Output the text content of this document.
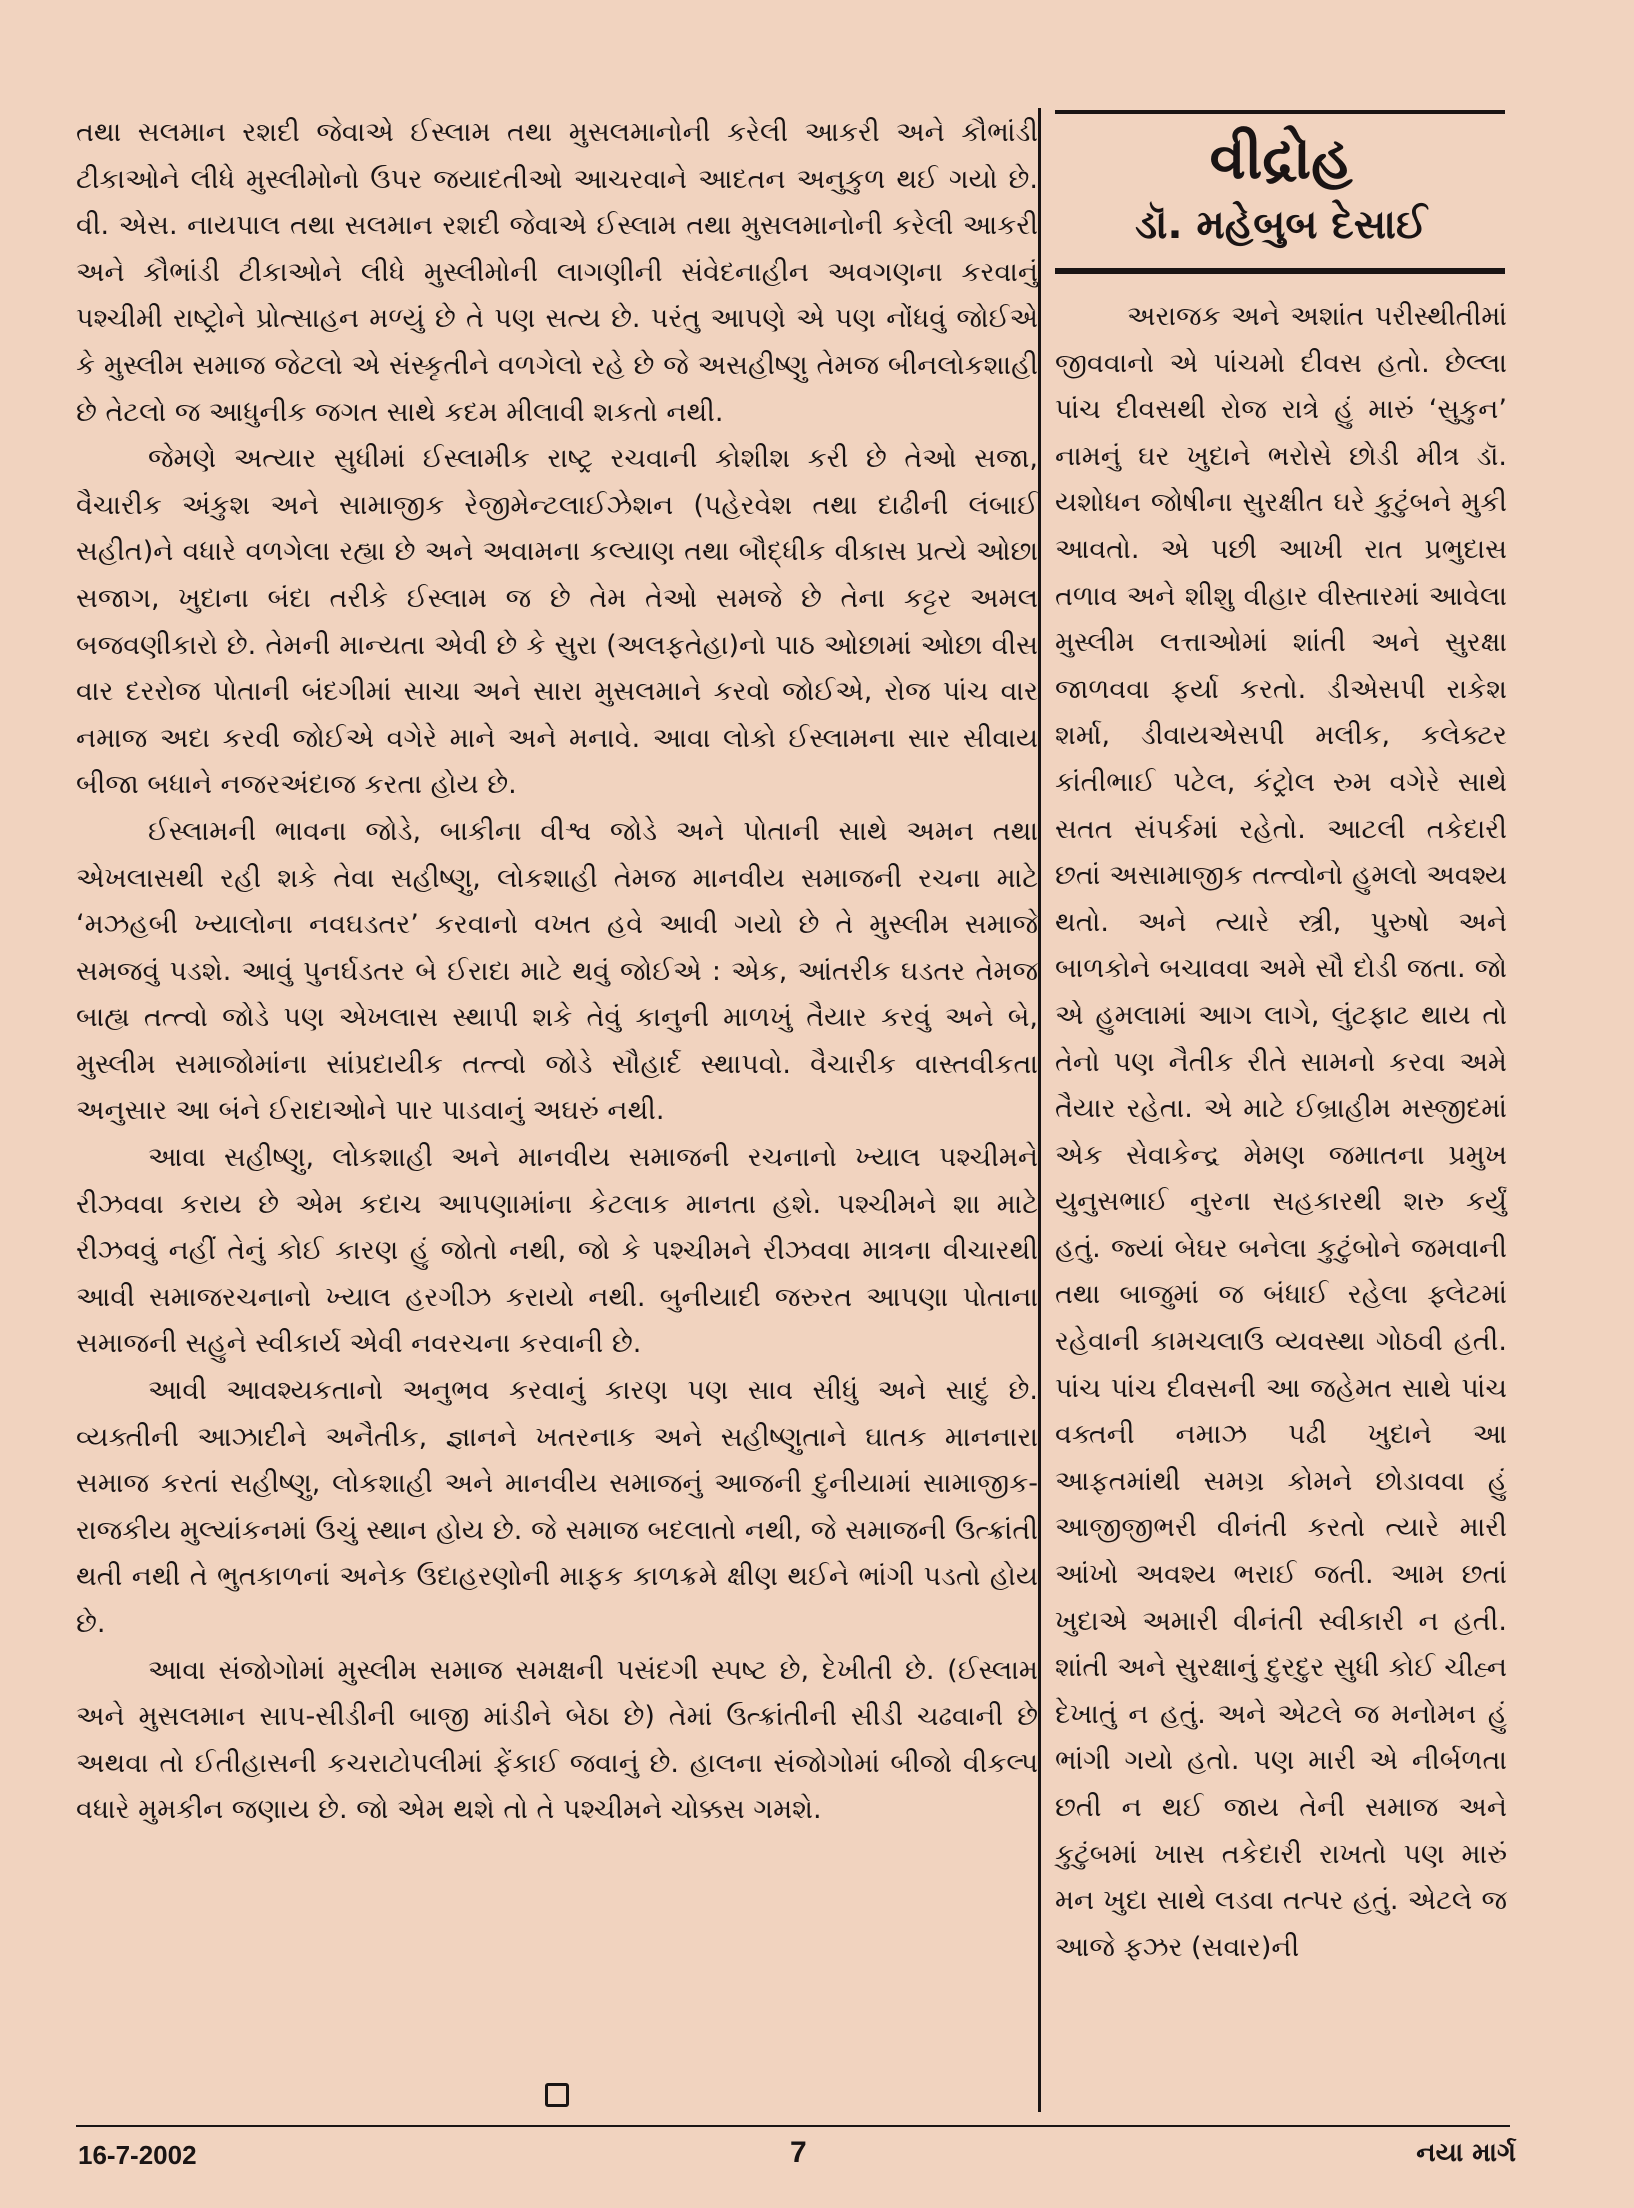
તથા સલમાન રશદી જેવાએ ઈસ્લામ તથા મુસલમાનોની કરેલી આકરી અને કૌભાંડી ટીકાઓને લીધે મુસ્લીમોનો ઉપર જયાદતીઓ આચરવાને આદતન અનુકુળ થઈ ગયો છે. વી. એસ. નાયપાલ તથા સલમાન રશદી જેવાએ ઈસ્લામ તથા મુસલમાનોની કરેલી આકરી અને કૌભાંડી ટીકાઓને લીધે મુસ્લીમોની લાગણીની સંવેદનાહીન અવગણના કરવાનું પશ્ચીમી રાષ્ટ્રોને પ્રોત્સાહન મળ્યું છે તે પણ સત્ય છે. પરંતુ આપણે એ પણ નોંધવું જોઈએ કે મુસ્લીમ સમાજ જેટલો એ સંસ્કૃતીને વળગેલો રહે છે જે અસહીષ્ણુ તેમજ બીનલોકશાહી છે તેટલો જ આધુનીક જગત સાથે કદમ મીલાવી શકતો નથી.

જેમણે અત્યાર સુધીમાં ઈસ્લામીક રાષ્ટ્ર રચવાની કોશીશ કરી છે તેઓ સજા, વૈચારીક અંકુશ અને સામાજીક રેજીમેન્ટલાઈઝેશન (પહેરવેશ તથા દાઢીની લંબાઈ સહીત)ને વધારે વળગેલા રહ્યા છે અને અવામના કલ્યાણ તથા બૌદ્ધીક વીકાસ પ્રત્યે ઓછા સજાગ, ખુદાના બંદા તરીકે ઈસ્લામ જ છે તેમ તેઓ સમજે છે તેના કટ્ટર અમલ બજવણીકારો છે. તેમની માન્યતા એવી છે કે સુરા (અલફતેહા)નો પાઠ ઓછામાં ઓછા વીસ વાર દરરોજ પોતાની બંદગીમાં સાચા અને સારા મુસલમાને કરવો જોઈએ, રોજ પાંચ વાર નમાજ અદા કરવી જોઈએ વગેરે માને અને મનાવે. આવા લોકો ઈસ્લામના સાર સીવાય બીજા બધાને નજરઅંદાજ કરતા હોય છે.

ઈસ્લામની ભાવના જોડે, બાકીના વીશ્વ જોડે અને પોતાની સાથે અમન તથા એખલાસથી રહી શકે તેવા સહીષ્ણુ, લોકશાહી તેમજ માનવીય સમાજની રચના માટે ‘મઝહબી ખ્યાલોના નવઘડતર’ કરવાનો વખત હવે આવી ગયો છે તે મુસ્લીમ સમાજે સમજવું પડશે. આવું પુનર્ઘડતર બે ઈરાદા માટે થવું જોઈએ : એક, આંતરીક ઘડતર તેમજ બાહ્ય તત્ત્વો જોડે પણ એખલાસ સ્થાપી શકે તેવું કાનુની માળખું તૈયાર કરવું અને બે, મુસ્લીમ સમાજોમાંના સાંપ્રદાયીક તત્ત્વો જોડે સૌહાર્દ સ્થાપવો. વૈચારીક વાસ્તવીકતા અનુસાર આ બંને ઈરાદાઓને પાર પાડવાનું અઘરું નથી.

આવા સહીષ્ણુ, લોકશાહી અને માનવીય સમાજની રચનાનો ખ્યાલ પશ્ચીમને રીઝવવા કરાય છે એમ કદાચ આપણામાંના કેટલાક માનતા હશે. પશ્ચીમને શા માટે રીઝવવું નહીં તેનું કોઈ કારણ હું જોતો નથી, જો કે પશ્ચીમને રીઝવવા માત્રના વીચારથી આવી સમાજરચનાનો ખ્યાલ હરગીઝ કરાયો નથી. બુનીયાદી જરુરત આપણા પોતાના સમાજની સહુને સ્વીકાર્ય એવી નવરચના કરવાની છે.

આવી આવશ્યકતાનો અનુભવ કરવાનું કારણ પણ સાવ સીધું અને સાદું છે. વ્યક્તીની આઝાદીને અનૈતીક, જ્ઞાનને ખતરનાક અને સહીષ્ણુતાને ઘાતક માનનારા સમાજ કરતાં સહીષ્ણુ, લોકશાહી અને માનવીય સમાજનું આજની દુનીયામાં સામાજીક-રાજકીય મુલ્યાંકનમાં ઉચું સ્થાન હોય છે. જે સમાજ બદલાતો નથી, જે સમાજની ઉત્ક્રાંતી થતી નથી તે ભુતકાળનાં અનેક ઉદાહરણોની માફક કાળક્રમે ક્ષીણ થઈને ભાંગી પડતો હોય છે.

આવા સંજોગોમાં મુસ્લીમ સમાજ સમક્ષની પસંદગી સ્પષ્ટ છે, દેખીતી છે. (ઈસ્લામ અને મુસલમાન સાપ-સીડીની બાજી માંડીને બેઠા છે) તેમાં ઉત્ક્રાંતીની સીડી ચઢવાની છે અથવા તો ઈતીહાસની કચરાટોપલીમાં ફેંકાઈ જવાનું છે. હાલના સંજોગોમાં બીજો વીકલ્પ વધારે મુમકીન જણાય છે. જો એમ થશે તો તે પશ્ચીમને ચોક્કસ ગમશે.

વીદ્રોહ
ડૉ. મહેબુબ દેસાઈ
અરાજક અને અશાંત પરીસ્થીતીમાં જીવવાનો એ પાંચમો દીવસ હતો. છેલ્લા પાંચ દીવસથી રોજ રાત્રે હું મારું ‘સુકુન’ નામનું ઘર ખુદાને ભરોસે છોડી મીત્ર ડૉ. યશોધન જોષીના સુરક્ષીત ઘરે કુટુંબને મુકી આવતો. એ પછી આખી રાત પ્રભુદાસ તળાવ અને શીશુ વીહાર વીસ્તારમાં આવેલા મુસ્લીમ લત્તાઓમાં શાંતી અને સુરક્ષા જાળવવા ફર્યા કરતો. ડીએસપી રાકેશ શર્મા, ડીવાયએસપી મલીક, કલેક્ટર કાંતીભાઈ પટેલ, કંટ્રોલ રુમ વગેરે સાથે સતત સંપર્કમાં રહેતો. આટલી તકેદારી છતાં અસામાજીક તત્ત્વોનો હુમલો અવશ્ય થતો. અને ત્યારે સ્ત્રી, પુરુષો અને બાળકોને બચાવવા અમે સૌ દોડી જતા. જો એ હુમલામાં આગ લાગે, લુંટફાટ થાય તો તેનો પણ નૈતીક રીતે સામનો કરવા અમે તૈયાર રહેતા. એ માટે ઈબ્રાહીમ મસ્જીદમાં એક સેવાકેન્દ્ર મેમણ જમાતના પ્રમુખ યુનુસભાઈ નુરના સહકારથી શરુ કર્યું હતું. જ્યાં બેઘર બનેલા કુટુંબોને જમવાની તથા બાજુમાં જ બંધાઈ રહેલા ફ્લેટમાં રહેવાની કામચલાઉ વ્યવસ્થા ગોઠવી હતી. પાંચ પાંચ દીવસની આ જહેમત સાથે પાંચ વક્તની નમાઝ પઢી ખુદાને આ આફતમાંથી સમગ્ર કોમને છોડાવવા હું આજીજીભરી વીનંતી કરતો ત્યારે મારી આંખો અવશ્ય ભરાઈ જતી. આમ છતાં ખુદાએ અમારી વીનંતી સ્વીકારી ન હતી. શાંતી અને સુરક્ષાનું દુરદુર સુધી કોઈ ચીહ્ન દેખાતું ન હતું. અને એટલે જ મનોમન હું ભાંગી ગયો હતો. પણ મારી એ નીર્બળતા છતી ન થઈ જાય તેની સમાજ અને કુટુંબમાં ખાસ તકેદારી રાખતો પણ મારું મન ખુદા સાથે લડવા તત્પર હતું. એટલે જ આજે ફઝર (સવાર)ની
16-7-2002	7	નયા માર્ગ
